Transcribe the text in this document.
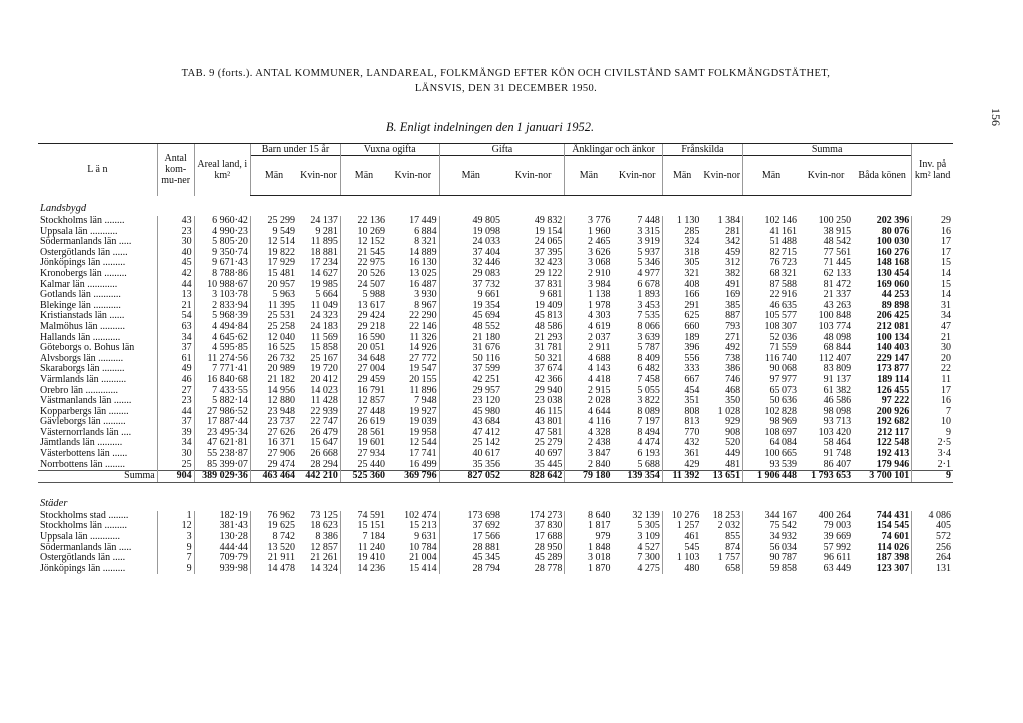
TAB. 9 (forts.). ANTAL KOMMUNER, LANDAREAL, FOLKMÄNGD EFTER KÖN OCH CIVILSTÅND SAMT FOLKMÄNGDSTÄTHET,
LÄNSVIS, DEN 31 DECEMBER 1950.
156
B. Enligt indelningen den 1 januari 1952.
L ä n	Antal kom-mu-ner	Areal land, i km²	Barn under 15 år		Vuxna ogifta		Gifta		Änklingar och änkor		Frånskilda		Summa			Inv. på km² land
			Män	Kvin-nor	Män	Kvin-nor	Män	Kvin-nor	Män	Kvin-nor	Män	Kvin-nor	Män	Kvin-nor	Båda könen	
Landsbygd																
Stockholms län ........	43	6 960·42	25 299	24 137	22 136	17 449	49 805	49 832	3 776	7 448	1 130	1 384	102 146	100 250	202 396	29
Uppsala län ...........	23	4 990·23	9 549	9 281	10 269	6 884	19 098	19 154	1 960	3 315	285	281	41 161	38 915	80 076	16
Södermanlands län .....	30	5 805·20	12 514	11 895	12 152	8 321	24 033	24 065	2 465	3 919	324	342	51 488	48 542	100 030	17
Östergötlands län ......	40	9 350·74	19 822	18 881	21 545	14 889	37 404	37 395	3 626	5 937	318	459	82 715	77 561	160 276	17
Jönköpings län .........	45	9 671·43	17 929	17 234	22 975	16 130	32 446	32 423	3 068	5 346	305	312	76 723	71 445	148 168	15
Kronobergs län .........	42	8 788·86	15 481	14 627	20 526	13 025	29 083	29 122	2 910	4 977	321	382	68 321	62 133	130 454	14
Kalmar län ............	44	10 988·67	20 957	19 985	24 507	16 487	37 732	37 831	3 984	6 678	408	491	87 588	81 472	169 060	15
Gotlands län ...........	13	3 103·78	5 963	5 664	5 988	3 930	9 661	9 681	1 138	1 893	166	169	22 916	21 337	44 253	14
Blekinge län ...........	21	2 833·94	11 395	11 049	13 617	8 967	19 354	19 409	1 978	3 453	291	385	46 635	43 263	89 898	31
Kristianstads län ......	54	5 968·39	25 531	24 323	29 424	22 290	45 694	45 813	4 303	7 535	625	887	105 577	100 848	206 425	34
Malmöhus län ..........	63	4 494·84	25 258	24 183	29 218	22 146	48 552	48 586	4 619	8 066	660	793	108 307	103 774	212 081	47
Hallands län ...........	34	4 645·62	12 040	11 569	16 590	11 326	21 180	21 293	2 037	3 639	189	271	52 036	48 098	100 134	21
Göteborgs o. Bohus län	37	4 595·85	16 525	15 858	20 051	14 926	31 676	31 781	2 911	5 787	396	492	71 559	68 844	140 403	30
Älvsborgs län ..........	61	11 274·56	26 732	25 167	34 648	27 772	50 116	50 321	4 688	8 409	556	738	116 740	112 407	229 147	20
Skaraborgs län .........	49	7 771·41	20 989	19 720	27 004	19 547	37 599	37 674	4 143	6 482	333	386	90 068	83 809	173 877	22
Värmlands län ..........	46	16 840·68	21 182	20 412	29 459	20 155	42 251	42 366	4 418	7 458	667	746	97 977	91 137	189 114	11
Örebro län .............	27	7 433·55	14 956	14 023	16 791	11 896	29 957	29 940	2 915	5 055	454	468	65 073	61 382	126 455	17
Västmanlands län .......	23	5 882·14	12 880	11 428	12 857	7 948	23 120	23 038	2 028	3 822	351	350	50 636	46 586	97 222	16
Kopparbergs län ........	44	27 986·52	23 948	22 939	27 448	19 927	45 980	46 115	4 644	8 089	808	1 028	102 828	98 098	200 926	7
Gävleborgs län .........	37	17 887·44	23 737	22 747	26 619	19 039	43 684	43 801	4 116	7 197	813	929	98 969	93 713	192 682	10
Västernorrlands län ....	39	23 495·34	27 626	26 479	28 561	19 958	47 412	47 581	4 328	8 494	770	908	108 697	103 420	212 117	9
Jämtlands län ..........	34	47 621·81	16 371	15 647	19 601	12 544	25 142	25 279	2 438	4 474	432	520	64 084	58 464	122 548	2·5
Västerbottens län ......	30	55 238·87	27 906	26 668	27 934	17 741	40 617	40 697	3 847	6 193	361	449	100 665	91 748	192 413	3·4
Norrbottens län ........	25	85 399·07	29 474	28 294	25 440	16 499	35 356	35 445	2 840	5 688	429	481	93 539	86 407	179 946	2·1
Summa	904	389 029·36	463 464	442 210	525 360	369 796	827 052	828 642	79 180	139 354	11 392	13 651	1 906 448	1 793 653	3 700 101	9

Städer																
Stockholms stad ........	1	182·19	76 962	73 125	74 591	102 474	173 698	174 273	8 640	32 139	10 276	18 253	344 167	400 264	744 431	4 086
Stockholms län .........	12	381·43	19 625	18 623	15 151	15 213	37 692	37 830	1 817	5 305	1 257	2 032	75 542	79 003	154 545	405
Uppsala län ............	3	130·28	8 742	8 386	7 184	9 631	17 566	17 688	979	3 109	461	855	34 932	39 669	74 601	572
Södermanlands län .....	9	444·44	13 520	12 857	11 240	10 784	28 881	28 950	1 848	4 527	545	874	56 034	57 992	114 026	256
Östergötlands län .....	7	709·79	21 911	21 261	19 410	21 004	45 345	45 289	3 018	7 300	1 103	1 757	90 787	96 611	187 398	264
Jönköpings län .........	9	939·98	14 478	14 324	14 236	15 414	28 794	28 778	1 870	4 275	480	658	59 858	63 449	123 307	131
